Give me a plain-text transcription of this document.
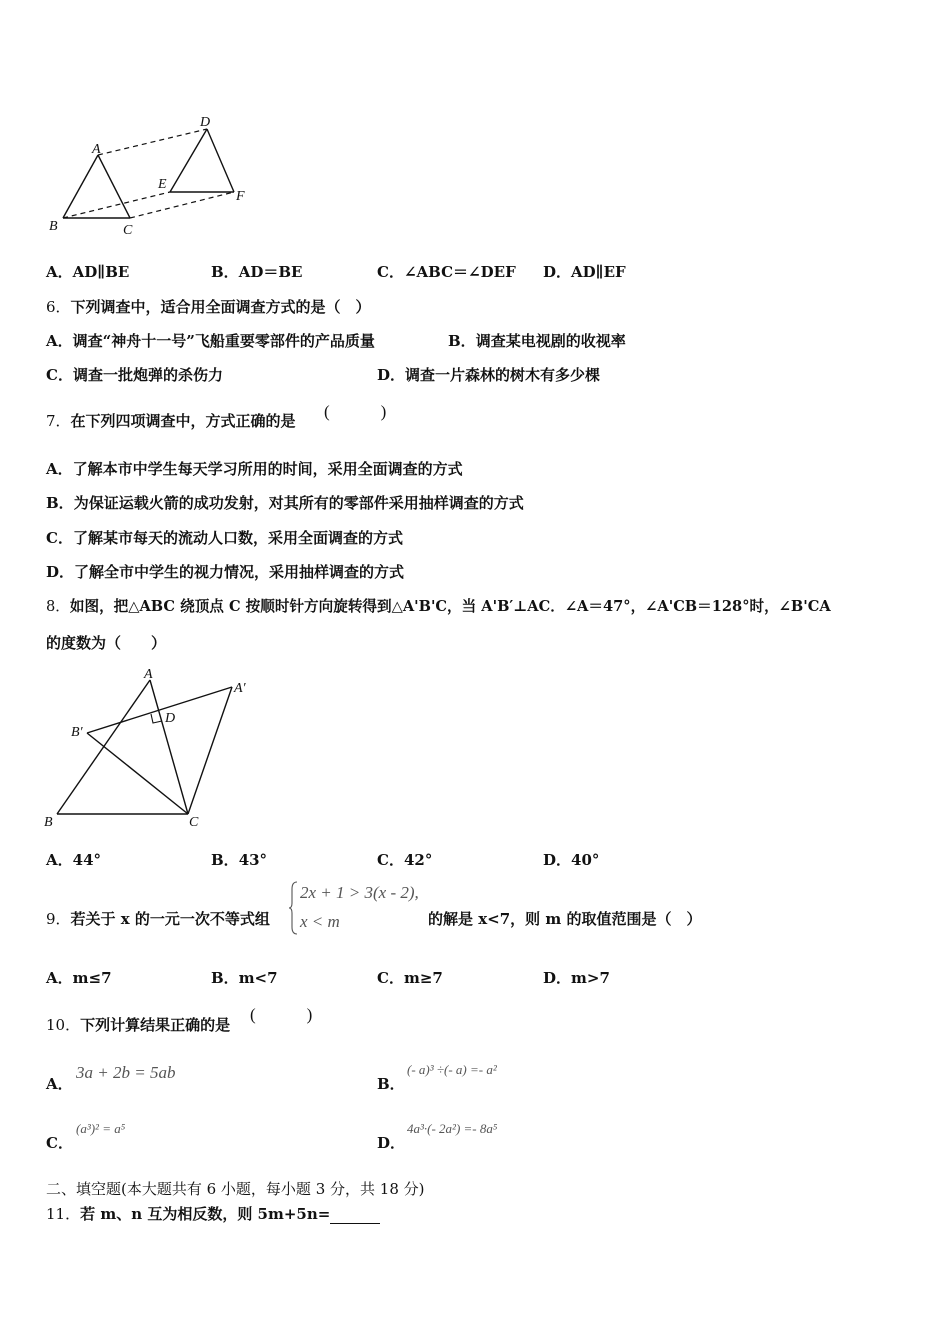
A
B	C
D
E
F
A．AD∥BE	B．AD＝BE	C．∠ABC＝∠DEF D．AD∥EF
6．下列调查中，适合用全面调查方式的是（　）
A．调查“神舟十一号”飞船重要零部件的产品质量	B．调查某电视剧的收视率
C．调查一批炮弹的杀伤力	D．调查一片森林的树木有多少棵
7．在下列四项调查中，方式正确的是 (　　　)
A．了解本市中学生每天学习所用的时间，采用全面调查的方式
B．为保证运载火箭的成功发射，对其所有的零部件采用抽样调查的方式
C．了解某市每天的流动人口数，采用全面调查的方式
D．了解全市中学生的视力情况，采用抽样调查的方式
8．如图，把△ABC 绕顶点 C 按顺时针方向旋转得到△A'B'C，当 A'B′⊥AC．∠A＝47°，∠A'CB＝128°时，∠B'CA
的度数为（　　）
A
A′
B′
D
B	C
A．44°	B．43°	C．42°	D．40°
9．若关于 x 的一元一次不等式组
2x + 1 > 3(x - 2),
x < m	的解是 x<7，则 m 的取值范围是（　）
A．m≤7	B．m<7	C．m≥7	D．m>7
10．下列计算结果正确的是
(　　　)
A．
3a + 2b = 5ab
B．
(- a)³ ÷(- a) =- a²
C．
(a³)² = a⁵
D．
4a³·(- 2a²) =- 8a⁵
二、填空题(本大题共有 6 小题，每小题 3 分，共 18 分)
11．若 m、n 互为相反数，则 5m+5n=
